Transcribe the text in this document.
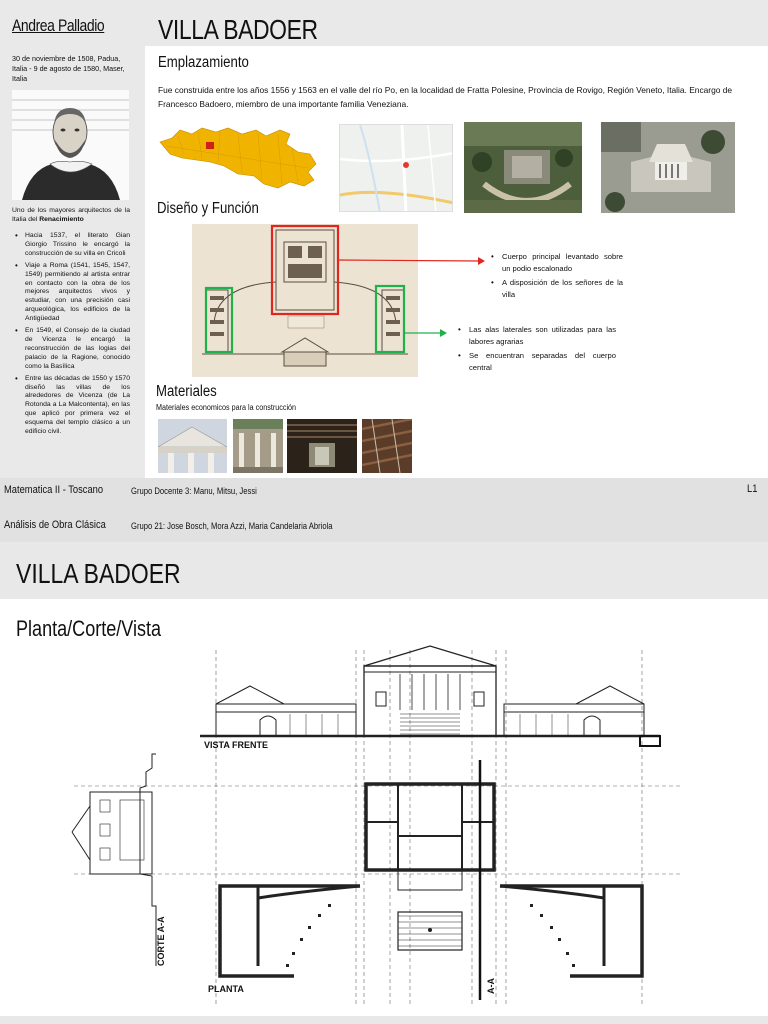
Andrea Palladio
30 de noviembre de 1508, Padua, Italia - 9 de agosto de 1580, Maser, Italia
Uno de los mayores arquitectos de la Italia del Renacimiento
• Hacia 1537, el literato Gian Giorgio Trissino le encargó la construcción de su villa en Cricoli
• Viaje a Roma (1541, 1545, 1547, 1549) permitiendo al artista entrar en contacto con la obra de los mejores arquitectos vivos y estudiar, con una precisión casi arqueológica, los edificios de la Antigüedad
• En 1549, el Consejo de la ciudad de Vicenza le encargó la reconstrucción de las logias del palacio de la Ragione, conocido como la Basílica
• Entre las décadas de 1550 y 1570 diseñó las villas de los alrededores de Vicenza (de La Rotonda a La Malcontenta), en las que aplicó por primera vez el esquema del templo clásico a un edificio civil.
VILLA BADOER
Emplazamiento
Fue construida entre los años 1556 y 1563 en el valle del río Po, en la localidad de Fratta Polesine, Provincia de Rovigo, Región Veneto, Italia. Encargo de Francesco Badoero, miembro de una importante familia Veneziana.
Diseño y Función
• Cuerpo principal levantado sobre un podio escalonado
• A disposición de los señores de la villa
• Las alas laterales son utilizadas para las labores agrarias
• Se encuentran separadas del cuerpo central
Materiales
Materiales economicos para la construcción
Matematica II - Toscano	Grupo Docente 3: Manu, Mitsu, Jessi	L1
Análisis de Obra Clásica	Grupo 21: Jose Bosch, Mora Azzi, Maria Candelaria Abriola
VILLA BADOER
Planta/Corte/Vista
VISTA FRENTE
CORTE A-A
PLANTA	A-A
